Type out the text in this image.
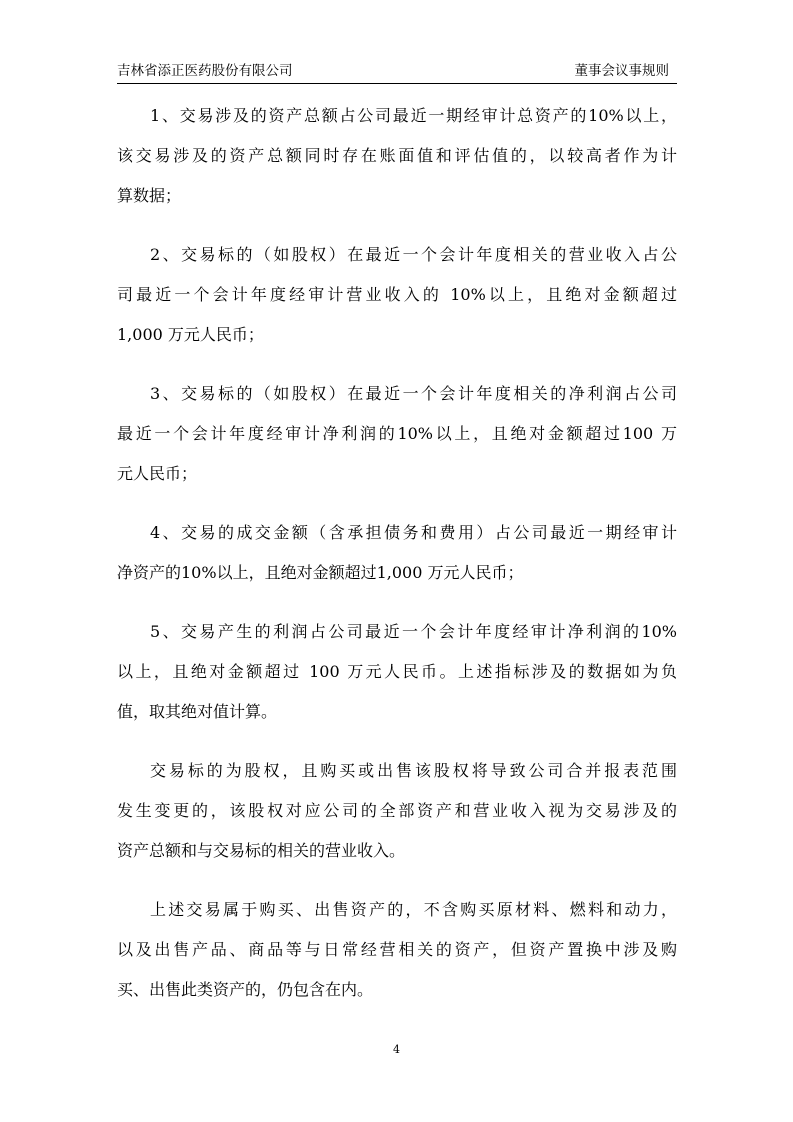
吉林省添正医药股份有限公司	董事会议事规则
1、交易涉及的资产总额占公司最近一期经审计总资产的10%以上，
该交易涉及的资产总额同时存在账面值和评估值的，以较高者作为计
算数据；
2、交易标的（如股权）在最近一个会计年度相关的营业收入占公
司最近一个会计年度经审计营业收入的 10%以上，且绝对金额超过
1,000 万元人民币；
3、交易标的（如股权）在最近一个会计年度相关的净利润占公司
最近一个会计年度经审计净利润的10%以上，且绝对金额超过100 万
元人民币；
4、交易的成交金额（含承担债务和费用）占公司最近一期经审计
净资产的10%以上，且绝对金额超过1,000 万元人民币；
5、交易产生的利润占公司最近一个会计年度经审计净利润的10%
以上，且绝对金额超过 100 万元人民币。上述指标涉及的数据如为负
值，取其绝对值计算。
交易标的为股权，且购买或出售该股权将导致公司合并报表范围
发生变更的，该股权对应公司的全部资产和营业收入视为交易涉及的
资产总额和与交易标的相关的营业收入。
上述交易属于购买、出售资产的，不含购买原材料、燃料和动力，
以及出售产品、商品等与日常经营相关的资产，但资产置换中涉及购
买、出售此类资产的，仍包含在内。
4
